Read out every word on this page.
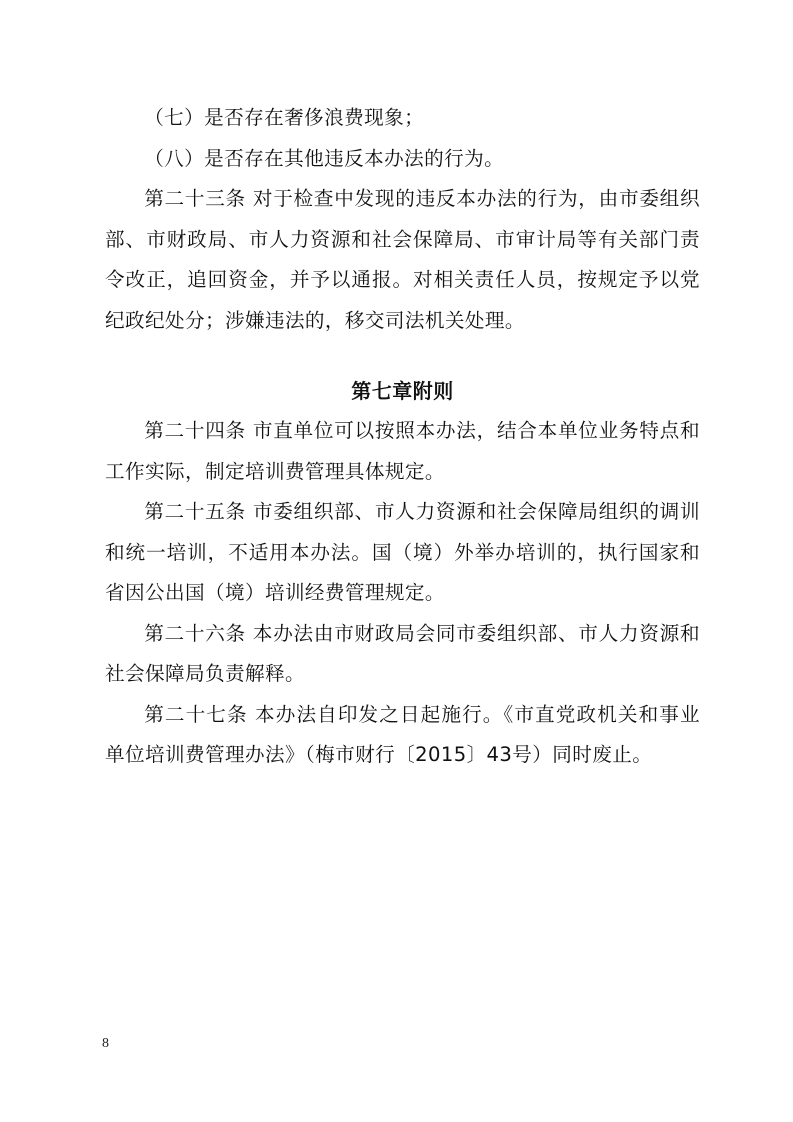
（七）是否存在奢侈浪费现象；

（八）是否存在其他违反本办法的行为。

第二十三条 对于检查中发现的违反本办法的行为，由市委组织部、市财政局、市人力资源和社会保障局、市审计局等有关部门责令改正，追回资金，并予以通报。对相关责任人员，按规定予以党纪政纪处分；涉嫌违法的，移交司法机关处理。

第七章附则

第二十四条 市直单位可以按照本办法，结合本单位业务特点和工作实际，制定培训费管理具体规定。

第二十五条 市委组织部、市人力资源和社会保障局组织的调训和统一培训，不适用本办法。国（境）外举办培训的，执行国家和省因公出国（境）培训经费管理规定。

第二十六条 本办法由市财政局会同市委组织部、市人力资源和社会保障局负责解释。

第二十七条 本办法自印发之日起施行。《市直党政机关和事业单位培训费管理办法》（梅市财行〔2015〕43号）同时废止。

8
